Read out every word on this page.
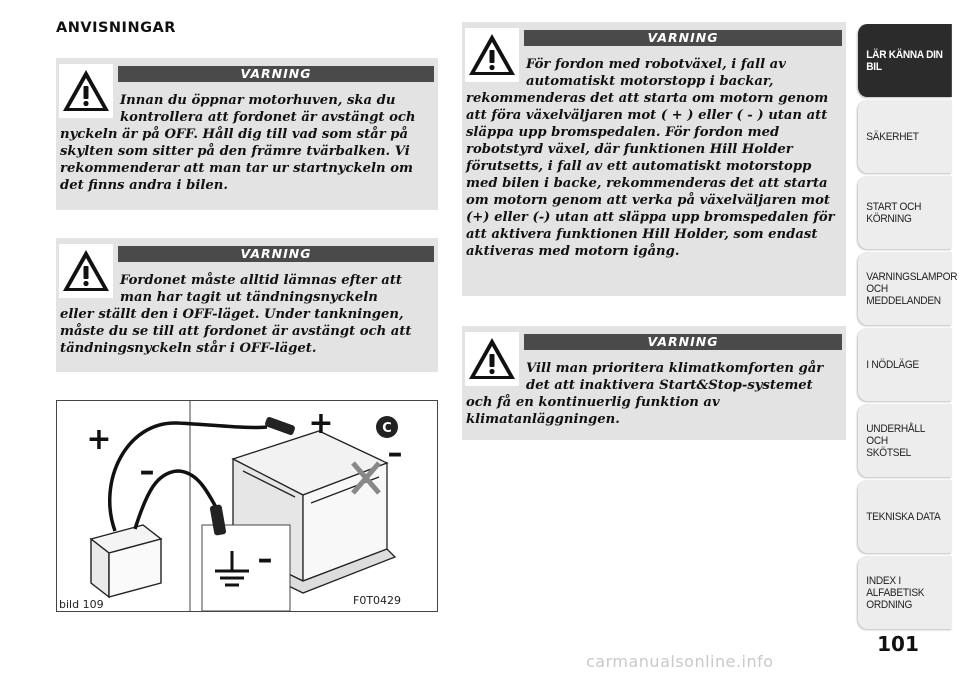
ANVISNINGAR
VARNING

Innan du öppnar motorhuven, ska du kontrollera att fordonet är avstängt och
nyckeln är på OFF. Håll dig till vad som står på skylten som sitter på den främre tvärbalken. Vi rekommenderar att man tar ur startnyckeln om det finns andra i bilen.

VARNING

Fordonet måste alltid lämnas efter att man har tagit ut tändningsnyckeln
eller ställt den i OFF-läget. Under tankningen, måste du se till att fordonet är avstängt och att tändningsnyckeln står i OFF-läget.

VARNING

För fordon med robotväxel, i fall av automatiskt motorstopp i backar,
rekommenderas det att starta om motorn genom att föra växelväljaren mot ( + ) eller ( - ) utan att släppa upp bromspedalen. För fordon med robotstyrd växel, där funktionen Hill Holder förutsetts, i fall av ett automatiskt motorstopp med bilen i backe, rekommenderas det att starta om motorn genom att verka på växelväljaren mot (+) eller (-) utan att släppa upp bromspedalen för att aktivera funktionen Hill Holder, som endast aktiveras med motorn igång.

VARNING

Vill man prioritera klimatkomforten går det att inaktivera Start&Stop-systemet
och få en kontinuerlig funktion av klimatanläggningen.

C
+
–
+
–
–
bild 109	F0T0429
LÄR KÄNNA DIN
BIL
SÄKERHET
START OCH
KÖRNING
VARNINGSLAMPOR
OCH
MEDDELANDEN
I NÖDLÄGE
UNDERHÅLL OCH
SKÖTSEL
TEKNISKA DATA
INDEX I ALFABETISK
ORDNING
101
carmanualsonline.info
